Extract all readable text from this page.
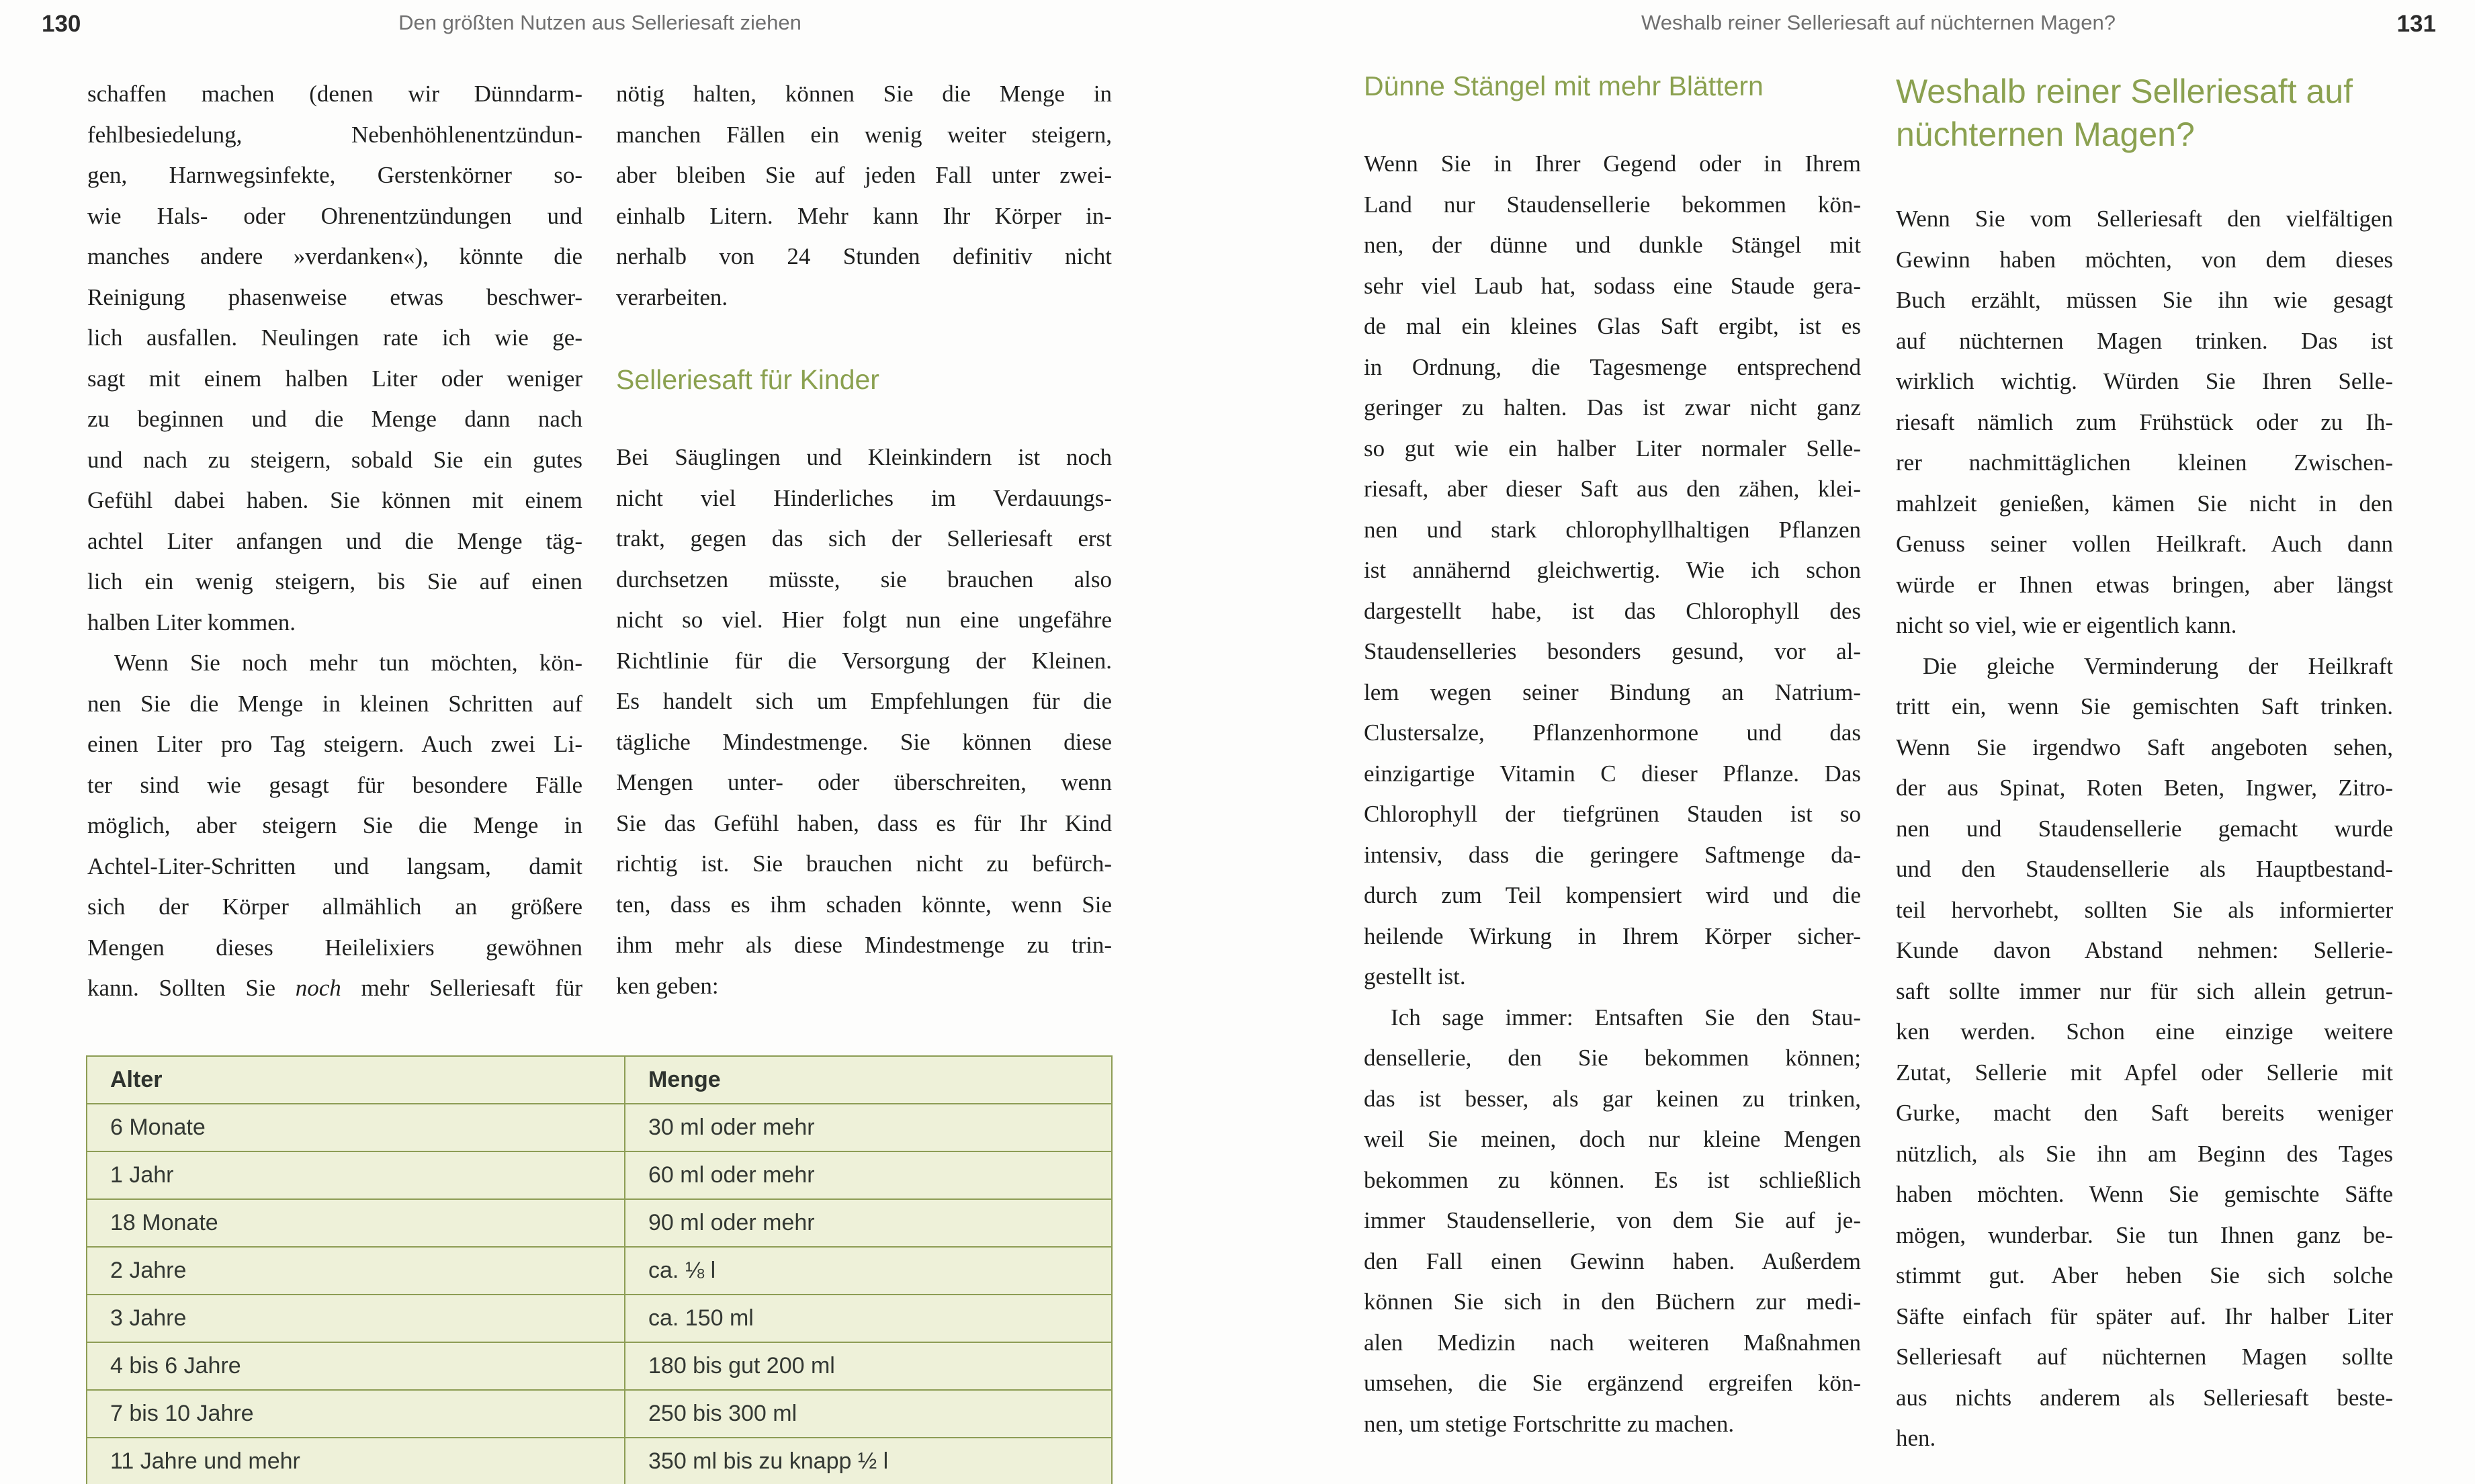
130	Den größten Nutzen aus Selleriesaft ziehen	Weshalb reiner Selleriesaft auf nüchternen Magen?	131
schaffen machen (denen wir Dünndarm-
fehlbesiedelung, Nebenhöhlenentzündun-
gen, Harnwegsinfekte, Gerstenkörner so-
wie Hals- oder Ohrenentzündungen und
manches andere »verdanken«), könnte die
Reinigung phasenweise etwas beschwer-
lich ausfallen. Neulingen rate ich wie ge-
sagt mit einem halben Liter oder weniger
zu beginnen und die Menge dann nach
und nach zu steigern, sobald Sie ein gutes
Gefühl dabei haben. Sie können mit einem
achtel Liter anfangen und die Menge täg-
lich ein wenig steigern, bis Sie auf einen
halben Liter kommen.
Wenn Sie noch mehr tun möchten, kön-
nen Sie die Menge in kleinen Schritten auf
einen Liter pro Tag steigern. Auch zwei Li-
ter sind wie gesagt für besondere Fälle
möglich, aber steigern Sie die Menge in
Achtel-Liter-Schritten und langsam, damit
sich der Körper allmählich an größere
Mengen dieses Heilelixiers gewöhnen
kann. Sollten Sie noch mehr Selleriesaft für
nötig halten, können Sie die Menge in
manchen Fällen ein wenig weiter steigern,
aber bleiben Sie auf jeden Fall unter zwei-
einhalb Litern. Mehr kann Ihr Körper in-
nerhalb von 24 Stunden definitiv nicht
verarbeiten.
Selleriesaft für Kinder
Bei Säuglingen und Kleinkindern ist noch
nicht viel Hinderliches im Verdauungs-
trakt, gegen das sich der Selleriesaft erst
durchsetzen müsste, sie brauchen also
nicht so viel. Hier folgt nun eine ungefähre
Richtlinie für die Versorgung der Kleinen.
Es handelt sich um Empfehlungen für die
tägliche Mindestmenge. Sie können diese
Mengen unter- oder überschreiten, wenn
Sie das Gefühl haben, dass es für Ihr Kind
richtig ist. Sie brauchen nicht zu befürch-
ten, dass es ihm schaden könnte, wenn Sie
ihm mehr als diese Mindestmenge zu trin-
ken geben:
Dünne Stängel mit mehr Blättern
Wenn Sie in Ihrer Gegend oder in Ihrem
Land nur Staudensellerie bekommen kön-
nen, der dünne und dunkle Stängel mit
sehr viel Laub hat, sodass eine Staude gera-
de mal ein kleines Glas Saft ergibt, ist es
in Ordnung, die Tagesmenge entsprechend
geringer zu halten. Das ist zwar nicht ganz
so gut wie ein halber Liter normaler Selle-
riesaft, aber dieser Saft aus den zähen, klei-
nen und stark chlorophyllhaltigen Pflanzen
ist annähernd gleichwertig. Wie ich schon
dargestellt habe, ist das Chlorophyll des
Staudenselleries besonders gesund, vor al-
lem wegen seiner Bindung an Natrium-
Clustersalze, Pflanzenhormone und das
einzigartige Vitamin C dieser Pflanze. Das
Chlorophyll der tiefgrünen Stauden ist so
intensiv, dass die geringere Saftmenge da-
durch zum Teil kompensiert wird und die
heilende Wirkung in Ihrem Körper sicher-
gestellt ist.
Ich sage immer: Entsaften Sie den Stau-
densellerie, den Sie bekommen können;
das ist besser, als gar keinen zu trinken,
weil Sie meinen, doch nur kleine Mengen
bekommen zu können. Es ist schließlich
immer Staudensellerie, von dem Sie auf je-
den Fall einen Gewinn haben. Außerdem
können Sie sich in den Büchern zur medi-
alen Medizin nach weiteren Maßnahmen
umsehen, die Sie ergänzend ergreifen kön-
nen, um stetige Fortschritte zu machen.
Weshalb reiner Selleriesaft auf
nüchternen Magen?
Wenn Sie vom Selleriesaft den vielfältigen
Gewinn haben möchten, von dem dieses
Buch erzählt, müssen Sie ihn wie gesagt
auf nüchternen Magen trinken. Das ist
wirklich wichtig. Würden Sie Ihren Selle-
riesaft nämlich zum Frühstück oder zu Ih-
rer nachmittäglichen kleinen Zwischen-
mahlzeit genießen, kämen Sie nicht in den
Genuss seiner vollen Heilkraft. Auch dann
würde er Ihnen etwas bringen, aber längst
nicht so viel, wie er eigentlich kann.
Die gleiche Verminderung der Heilkraft
tritt ein, wenn Sie gemischten Saft trinken.
Wenn Sie irgendwo Saft angeboten sehen,
der aus Spinat, Roten Beten, Ingwer, Zitro-
nen und Staudensellerie gemacht wurde
und den Staudensellerie als Hauptbestand-
teil hervorhebt, sollten Sie als informierter
Kunde davon Abstand nehmen: Sellerie-
saft sollte immer nur für sich allein getrun-
ken werden. Schon eine einzige weitere
Zutat, Sellerie mit Apfel oder Sellerie mit
Gurke, macht den Saft bereits weniger
nützlich, als Sie ihn am Beginn des Tages
haben möchten. Wenn Sie gemischte Säfte
mögen, wunderbar. Sie tun Ihnen ganz be-
stimmt gut. Aber heben Sie sich solche
Säfte einfach für später auf. Ihr halber Liter
Selleriesaft auf nüchternen Magen sollte
aus nichts anderem als Selleriesaft beste-
hen.
Alter	Menge
6 Monate	30 ml oder mehr
1 Jahr	60 ml oder mehr
18 Monate	90 ml oder mehr
2 Jahre	ca. ⅛ l
3 Jahre	ca. 150 ml
4 bis 6 Jahre	180 bis gut 200 ml
7 bis 10 Jahre	250 bis 300 ml
11 Jahre und mehr	350 ml bis zu knapp ½ l
